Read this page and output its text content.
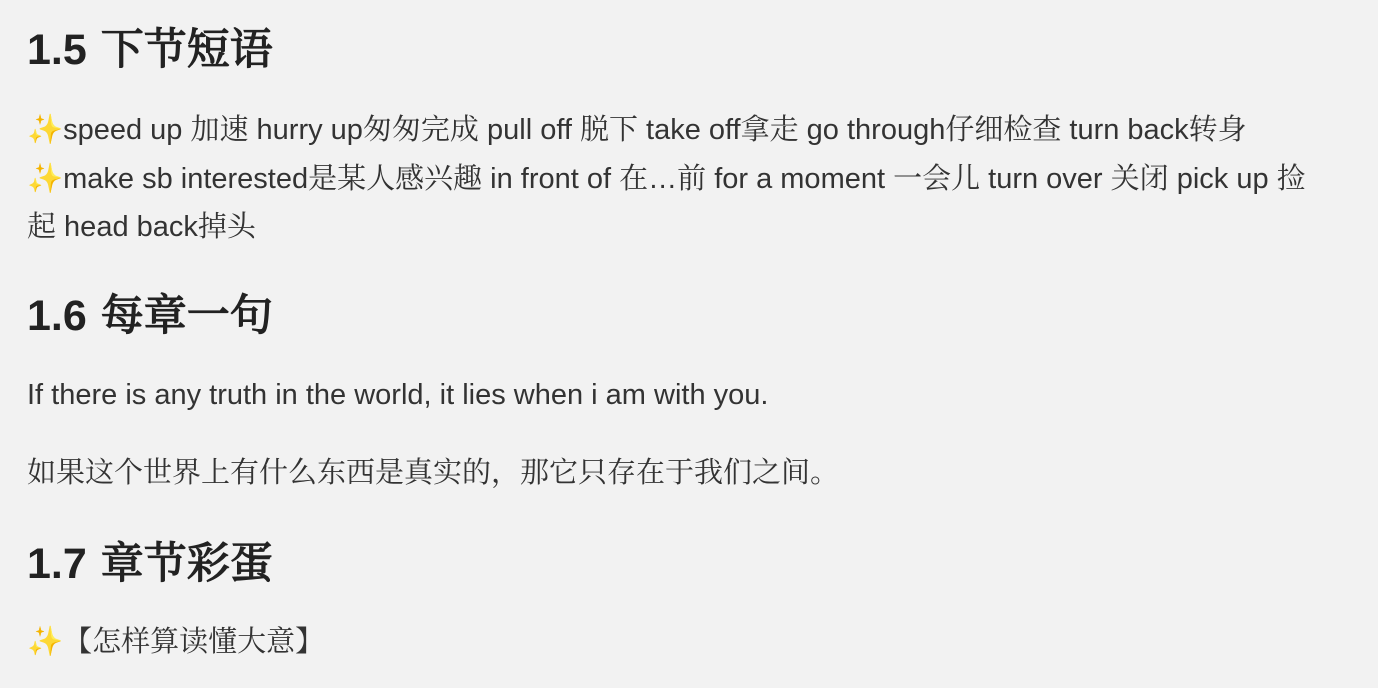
1.5 下节短语

✨speed up 加速 hurry up匆匆完成 pull off 脱下 take off拿走 go through仔细检查 turn back转身 ✨make sb interested是某人感兴趣 in front of 在…前 for a moment 一会儿 turn over 关闭 pick up 捡起 head back掉头

1.6 每章一句

If there is any truth in the world, it lies when i am with you.

如果这个世界上有什么东西是真实的，那它只存在于我们之间。

1.7 章节彩蛋

✨【怎样算读懂大意】
